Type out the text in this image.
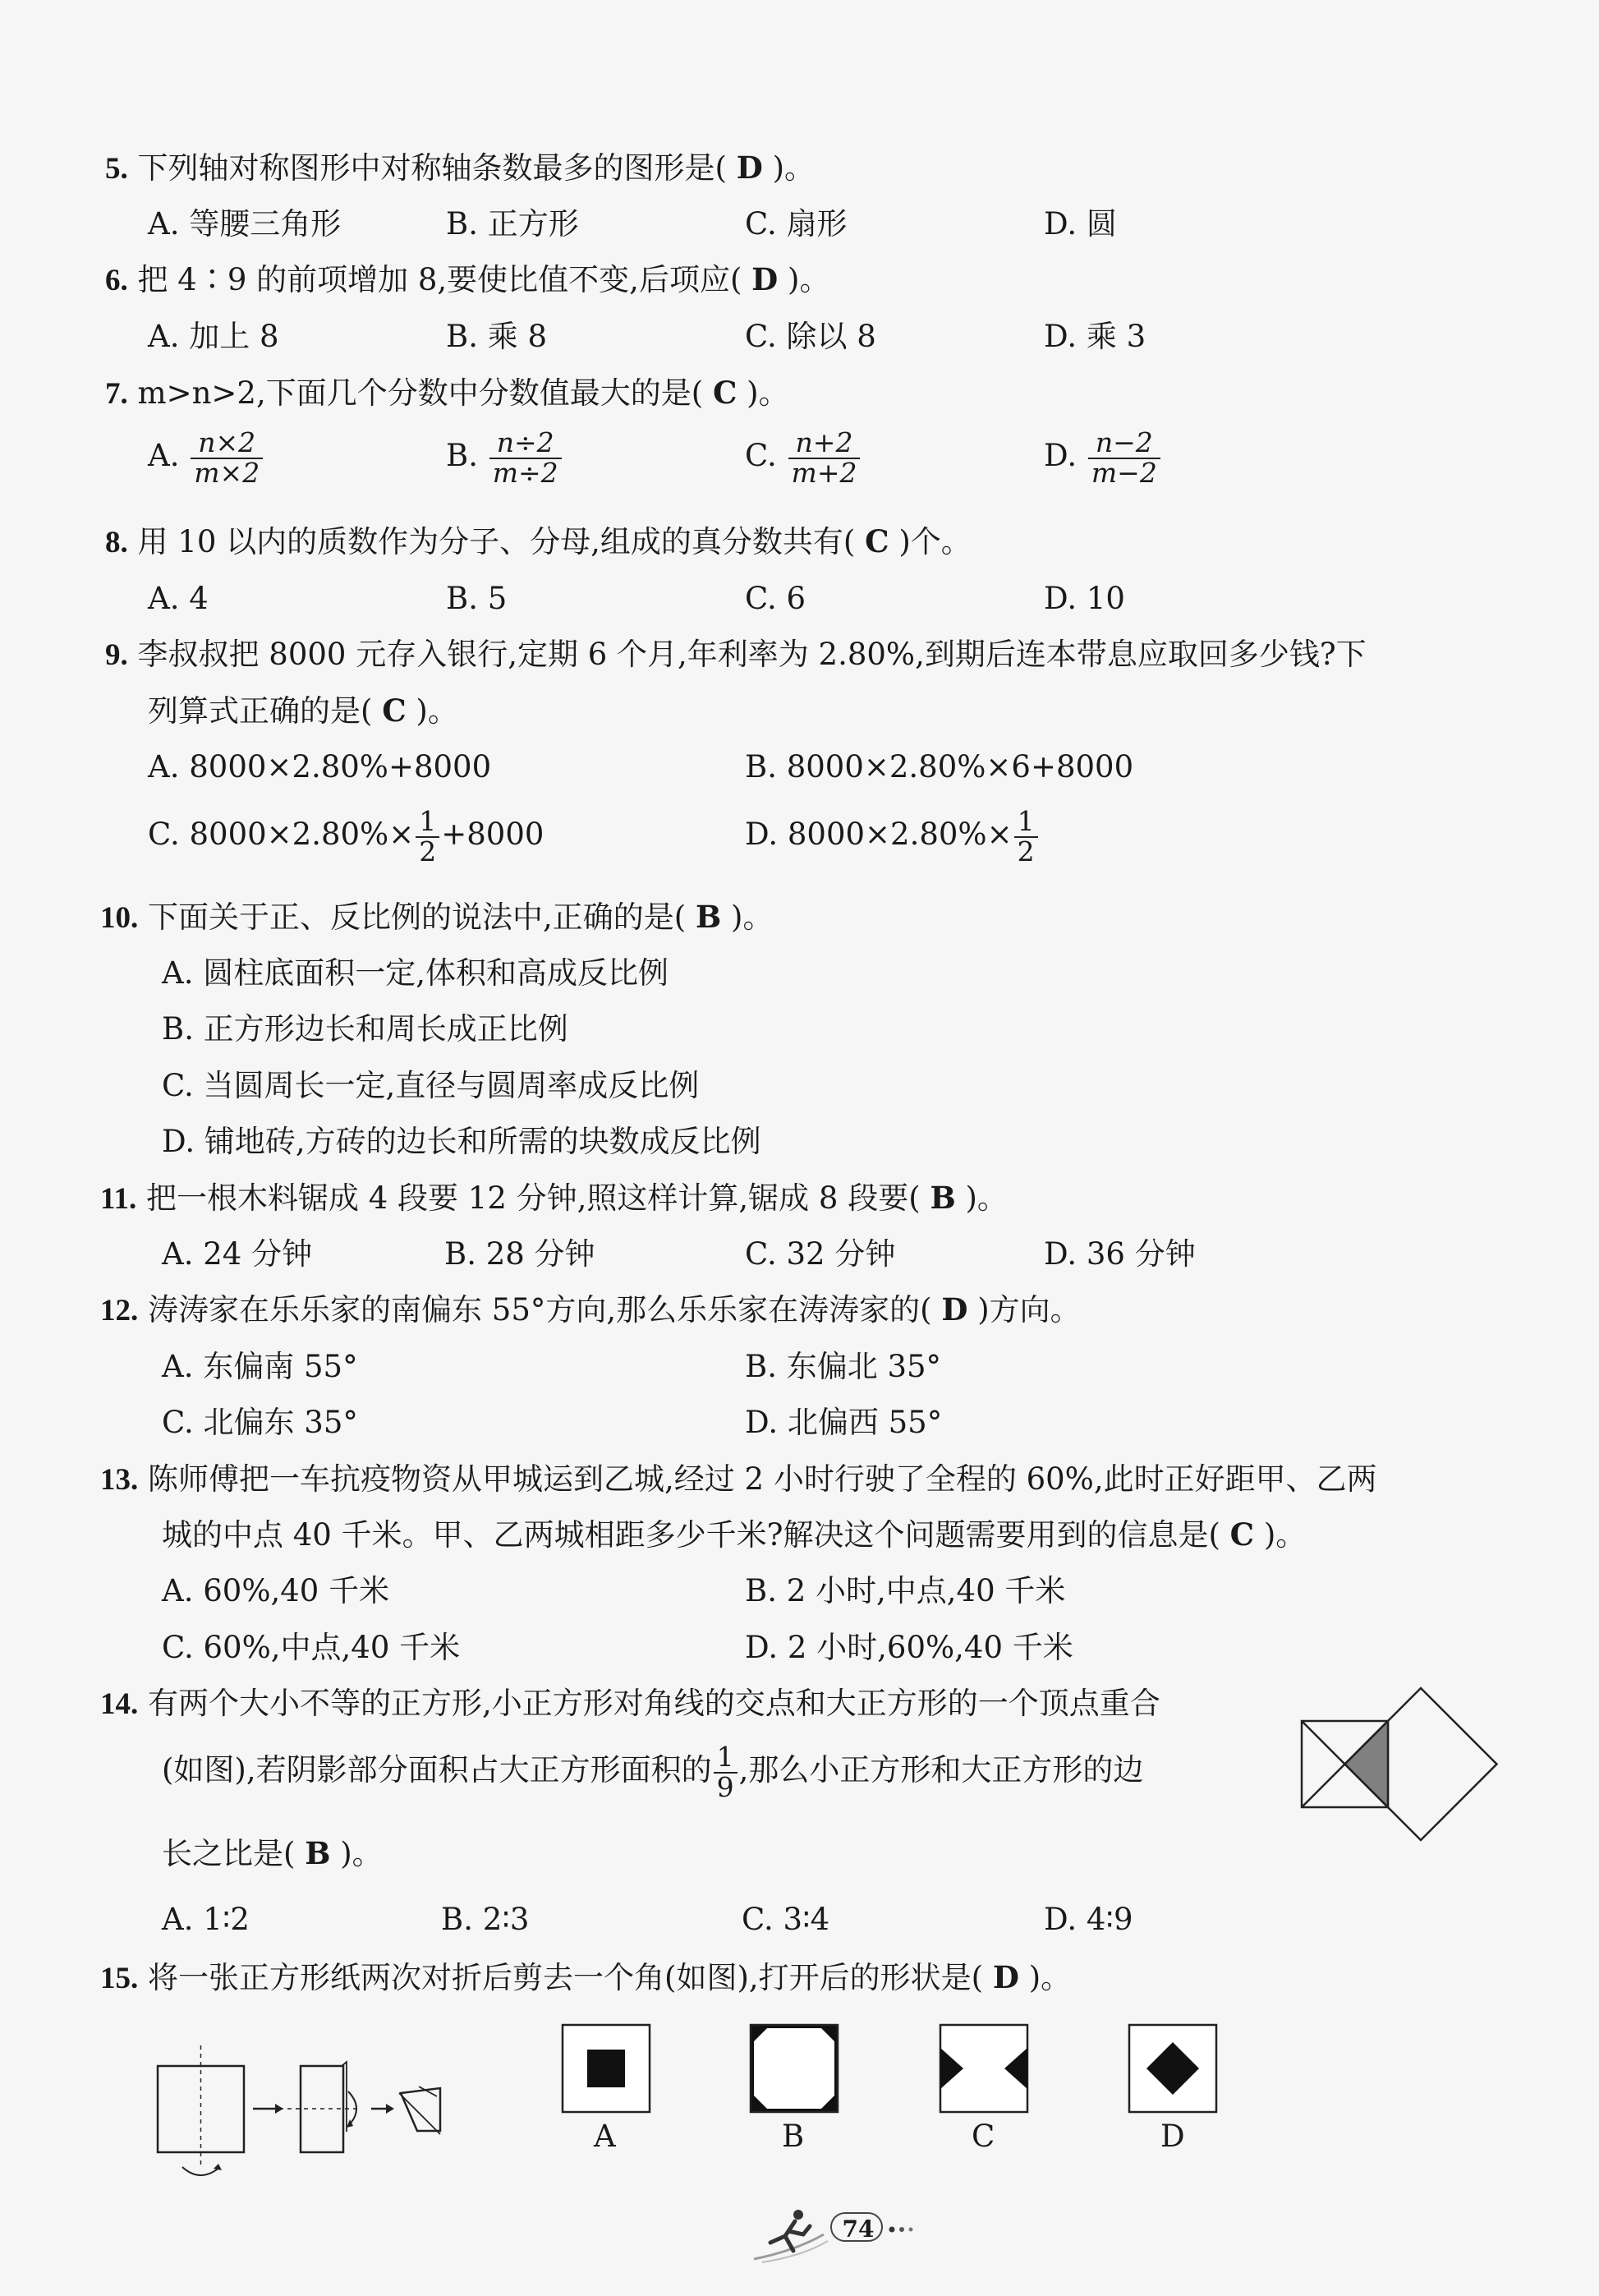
5. 下列轴对称图形中对称轴条数最多的图形是( D )。
A. 等腰三角形	B. 正方形	C. 扇形	D. 圆
6. 把 4∶9 的前项增加 8,要使比值不变,后项应( D )。
A. 加上 8	B. 乘 8	C. 除以 8	D. 乘 3
7. m>n>2,下面几个分数中分数值最大的是( C )。
A. $\frac{n\times 2}{m\times 2}$	B. $\frac{n\div 2}{m\div 2}$	C. $\frac{n+2}{m+2}$	D. $\frac{n-2}{m-2}$
8. 用 10 以内的质数作为分子、分母,组成的真分数共有( C )个。
A. 4	B. 5	C. 6	D. 10
9. 李叔叔把 8000 元存入银行,定期 6 个月,年利率为 2.80%,到期后连本带息应取回多少钱?下
列算式正确的是( C )。
A. 8000×2.80%+8000	B. 8000×2.80%×6+8000
C. $8000\times 2.80\%\times \frac{1}{2} +8000$	D. $8000\times 2.80\%\times \frac{1}{2}$
10. 下面关于正、反比例的说法中,正确的是( B )。
A. 圆柱底面积一定,体积和高成反比例
B. 正方形边长和周长成正比例
C. 当圆周长一定,直径与圆周率成反比例
D. 铺地砖,方砖的边长和所需的块数成反比例
11. 把一根木料锯成 4 段要 12 分钟,照这样计算,锯成 8 段要( B )。
A. 24 分钟	B. 28 分钟	C. 32 分钟	D. 36 分钟
12. 涛涛家在乐乐家的南偏东 55°方向,那么乐乐家在涛涛家的( D )方向。
A. 东偏南 55°	B. 东偏北 35°
C. 北偏东 35°	D. 北偏西 55°
13. 陈师傅把一车抗疫物资从甲城运到乙城,经过 2 小时行驶了全程的 60%,此时正好距甲、乙两
城的中点 40 千米。甲、乙两城相距多少千米?解决这个问题需要用到的信息是( C )。
A. 60%,40 千米	B. 2 小时,中点,40 千米
C. 60%,中点,40 千米	D. 2 小时,60%,40 千米
14. 有两个大小不等的正方形,小正方形对角线的交点和大正方形的一个顶点重合
(如图),若阴影部分面积占大正方形面积的 $\frac{1}{9}$ ,那么小正方形和大正方形的边
长之比是( B )。
A. 1∶2	B. 2∶3	C. 3∶4	D. 4∶9
15. 将一张正方形纸两次对折后剪去一个角(如图),打开后的形状是( D )。
A	B	C	D
74
